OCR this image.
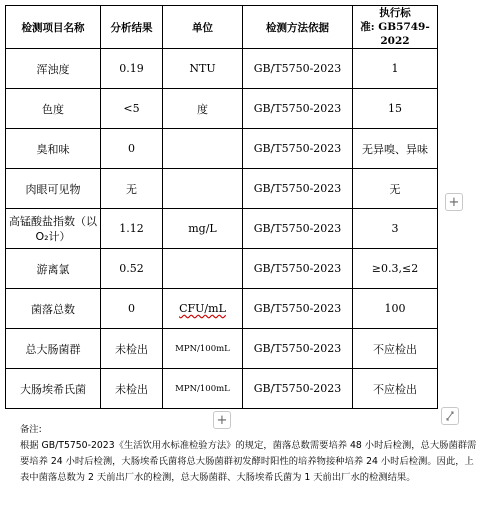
检测项目名称	分析结果	单位	检测方法依据	执行标
准: GB5749-2022

浑浊度	0.19	NTU	GB/T5750-2023	1
色度	<5	度	GB/T5750-2023	15
臭和味	0		GB/T5750-2023	无异嗅、异味
肉眼可见物	无		GB/T5750-2023	无
高锰酸盐指数（以 O₂计）	1.12	mg/L	GB/T5750-2023	3
游离氯	0.52		GB/T5750-2023	≥0.3,≤2
菌落总数	0	CFU/mL	GB/T5750-2023	100
总大肠菌群	未检出	MPN/100mL	GB/T5750-2023	不应检出
大肠埃希氏菌	未检出	MPN/100mL	GB/T5750-2023	不应检出
+
+
备注:
根据 GB/T5750-2023《生活饮用水标准检验方法》的规定，菌落总数需要培养 48 小时后检测，总大肠菌群需要培养 24 小时后检测，大肠埃希氏菌将总大肠菌群初发酵时阳性的培养物接种培养 24 小时后检测。因此，上表中菌落总数为 2 天前出厂水的检测，总大肠菌群、大肠埃希氏菌为 1 天前出厂水的检测结果。
